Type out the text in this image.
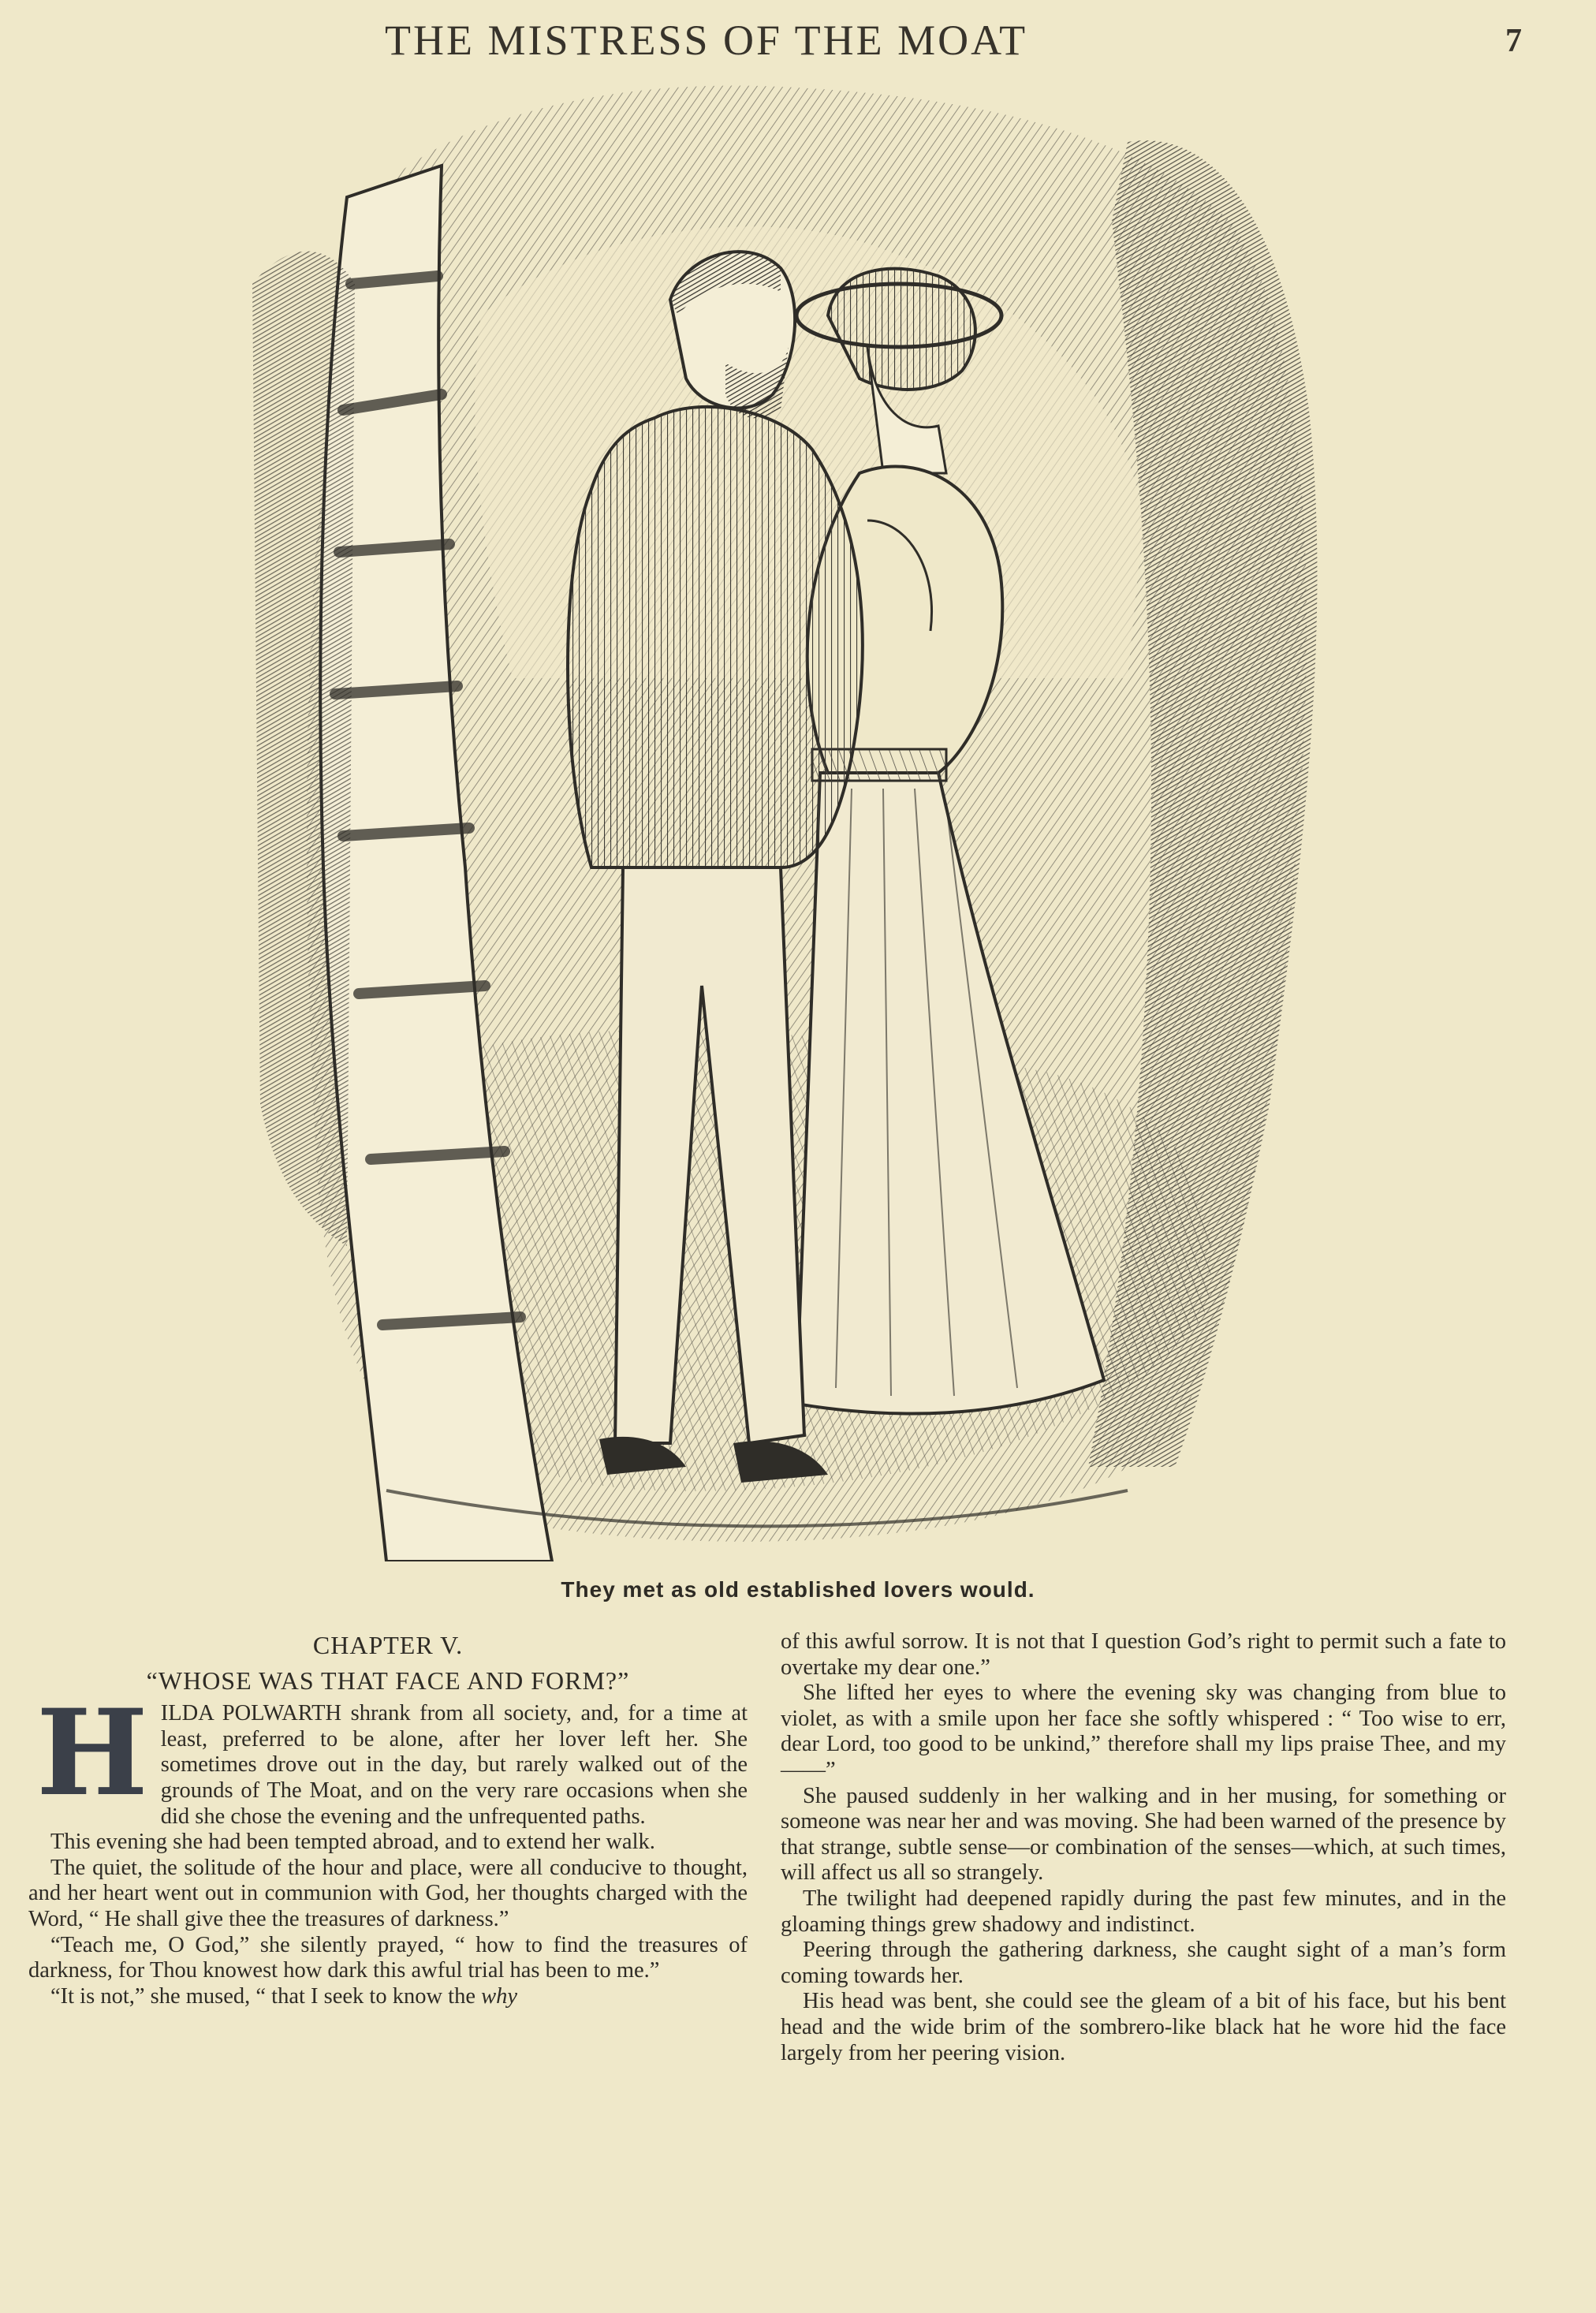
THE MISTRESS OF THE MOAT	7
They met as old established lovers would.
CHAPTER V.
“WHOSE WAS THAT FACE AND FORM?”

HILDA POLWARTH shrank from all society, and, for a time at least, preferred to be alone, after her lover left her. She sometimes drove out in the day, but rarely walked out of the grounds of The Moat, and on the very rare occasions when she did she chose the evening and the unfrequented paths.

This evening she had been tempted abroad, and to extend her walk.

The quiet, the solitude of the hour and place, were all conducive to thought, and her heart went out in communion with God, her thoughts charged with the Word, “ He shall give thee the treasures of darkness.”

“Teach me, O God,” she silently prayed, “ how to find the treasures of darkness, for Thou knowest how dark this awful trial has been to me.”

“It is not,” she mused, “ that I seek to know the why

of this awful sorrow. It is not that I question God’s right to permit such a fate to overtake my dear one.”

She lifted her eyes to where the evening sky was changing from blue to violet, as with a smile upon her face she softly whispered : “ Too wise to err, dear Lord, too good to be unkind,” therefore shall my lips praise Thee, and my——”

She paused suddenly in her walking and in her musing, for something or someone was near her and was moving. She had been warned of the presence by that strange, subtle sense—or combination of the senses—which, at such times, will affect us all so strangely.

The twilight had deepened rapidly during the past few minutes, and in the gloaming things grew shadowy and indistinct.

Peering through the gathering darkness, she caught sight of a man’s form coming towards her.

His head was bent, she could see the gleam of a bit of his face, but his bent head and the wide brim of the sombrero-like black hat he wore hid the face largely from her peering vision.
